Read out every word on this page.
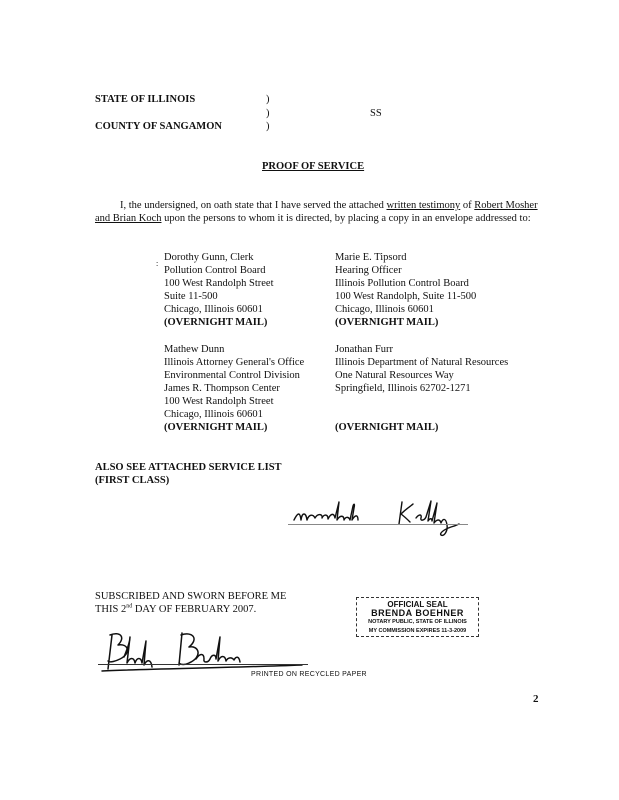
STATE OF ILLINOIS	)
)	SS
)
COUNTY OF SANGAMON
PROOF OF SERVICE
I, the undersigned, on oath state that I have served the attached written testimony of Robert Mosher and Brian Koch upon the persons to whom it is directed, by placing a copy in an envelope addressed to:
Dorothy Gunn, Clerk
Pollution Control Board
100 West Randolph Street
Suite 11-500
Chicago, Illinois 60601
(OVERNIGHT MAIL)
:
Marie E. Tipsord
Hearing Officer
Illinois Pollution Control Board
100 West Randolph, Suite 11-500
Chicago, Illinois 60601
(OVERNIGHT MAIL)
Mathew Dunn
Illinois Attorney General's Office
Environmental Control Division
James R. Thompson Center
100 West Randolph Street
Chicago, Illinois 60601
(OVERNIGHT MAIL)
Jonathan Furr
Illinois Department of Natural Resources
One Natural Resources Way
Springfield, Illinois 62702-1271
(OVERNIGHT MAIL)
ALSO SEE ATTACHED SERVICE LIST
(FIRST CLASS)
SUBSCRIBED AND SWORN BEFORE ME
THIS 2nd DAY OF FEBRUARY 2007.	OFFICIAL SEAL
BRENDA BOEHNER
NOTARY PUBLIC, STATE OF ILLINOIS
MY COMMISSION EXPIRES 11-3-2009
PRINTED ON RECYCLED PAPER
2
